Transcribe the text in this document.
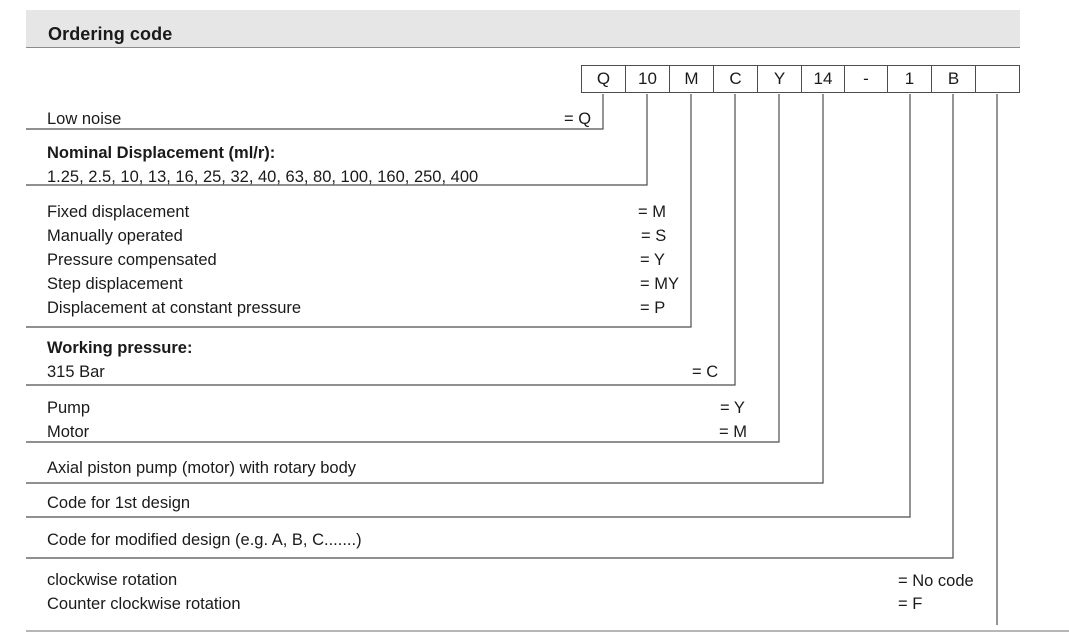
Ordering code
Q	10	M	C	Y	14	-	1	B
Low noise	= Q
Nominal Displacement (ml/r):
1.25, 2.5, 10, 13, 16, 25, 32, 40, 63, 80, 100, 160, 250, 400
Fixed displacement	= M
Manually operated	= S
Pressure compensated	= Y
Step displacement	= MY
Displacement at constant pressure	= P
Working pressure:
315 Bar	= C
Pump	= Y
Motor	= M
Axial piston pump (motor) with rotary body
Code for 1st design
Code for modified design (e.g. A, B, C.......)
clockwise rotation	= No code
Counter clockwise rotation	= F
